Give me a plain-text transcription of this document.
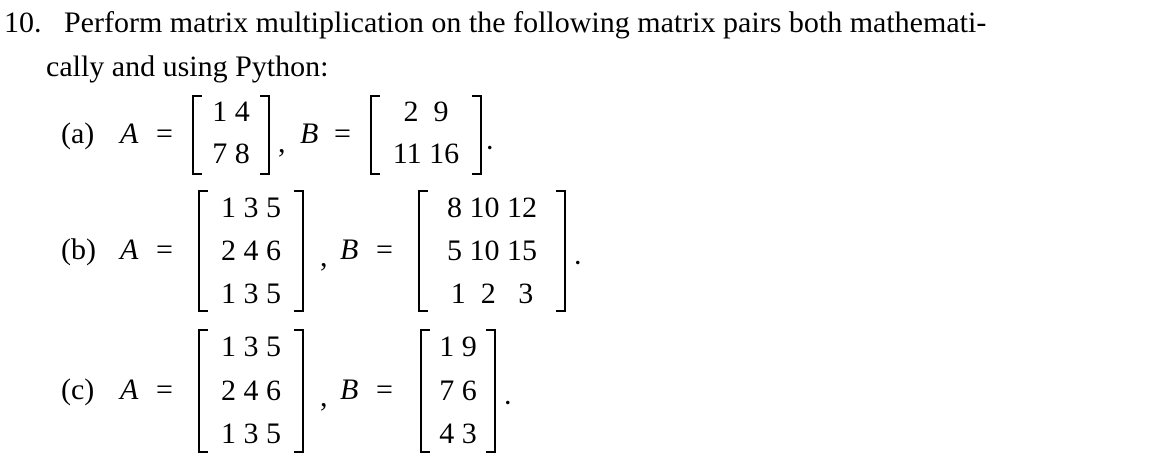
10. Perform matrix multiplication on the following matrix pairs both mathemati-
cally and using Python:
(a) A =
1 4
7 8 , B =
2  9
11 16 .
(b) A =
1 3 5
2 4 6
1 3 5
, B =
8 10 12
5 10 15
1  2   3
.
(c) A =
1 3 5
2 4 6
1 3 5
, B =
1 9
7 6
4 3
.
